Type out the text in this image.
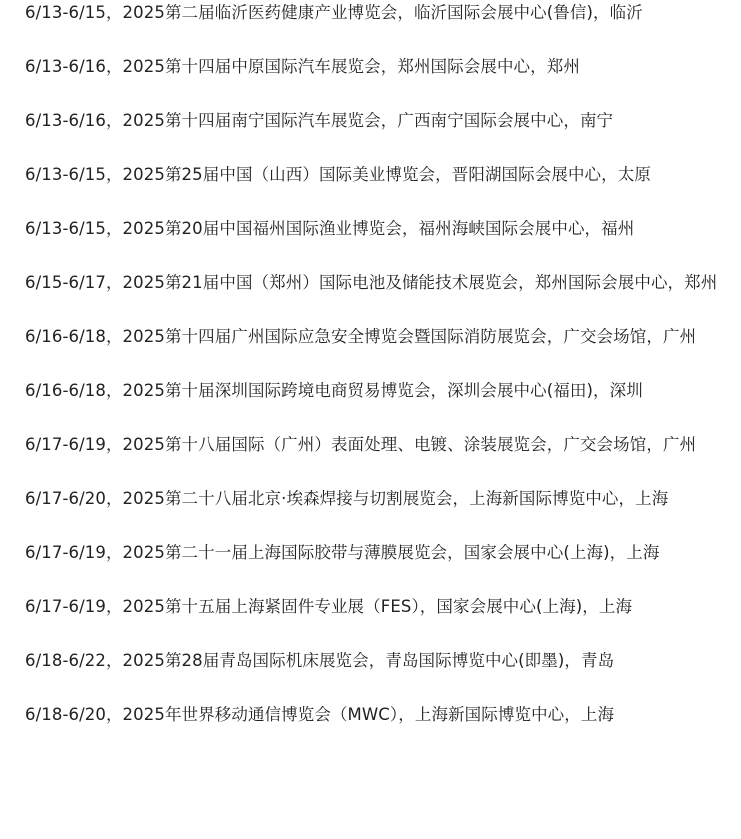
6/13-6/15，2025第二届临沂医药健康产业博览会，临沂国际会展中心(鲁信)，临沂

6/13-6/16，2025第十四届中原国际汽车展览会，郑州国际会展中心，郑州

6/13-6/16，2025第十四届南宁国际汽车展览会，广西南宁国际会展中心，南宁

6/13-6/15，2025第25届中国（山西）国际美业博览会，晋阳湖国际会展中心，太原

6/13-6/15，2025第20届中国福州国际渔业博览会，福州海峡国际会展中心，福州

6/15-6/17，2025第21届中国（郑州）国际电池及储能技术展览会，郑州国际会展中心，郑州

6/16-6/18，2025第十四届广州国际应急安全博览会暨国际消防展览会，广交会场馆，广州

6/16-6/18，2025第十届深圳国际跨境电商贸易博览会，深圳会展中心(福田)，深圳

6/17-6/19，2025第十八届国际（广州）表面处理、电镀、涂装展览会，广交会场馆，广州

6/17-6/20，2025第二十八届北京·埃森焊接与切割展览会，上海新国际博览中心，上海

6/17-6/19，2025第二十一届上海国际胶带与薄膜展览会，国家会展中心(上海)，上海

6/17-6/19，2025第十五届上海紧固件专业展（FES），国家会展中心(上海)，上海

6/18-6/22，2025第28届青岛国际机床展览会，青岛国际博览中心(即墨)，青岛

6/18-6/20，2025年世界移动通信博览会（MWC），上海新国际博览中心，上海
